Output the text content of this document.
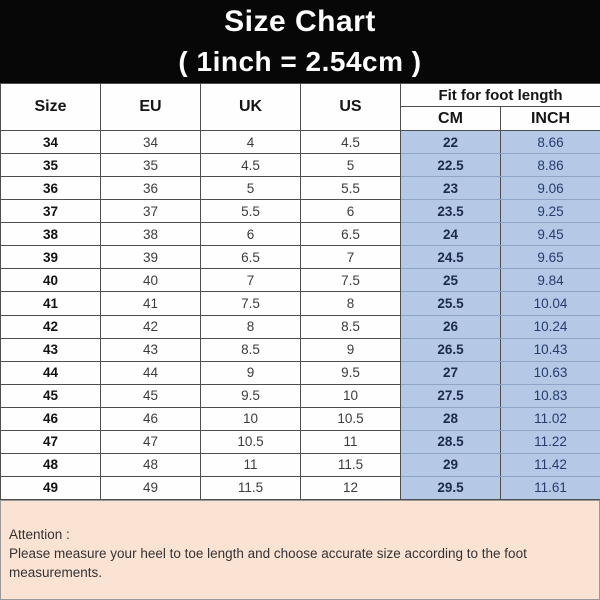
Size Chart
( 1inch = 2.54cm )
Size	EU	UK	US	Fit for foot length	
				CM	INCH
34	34	4	4.5	22	8.66
35	35	4.5	5	22.5	8.86
36	36	5	5.5	23	9.06
37	37	5.5	6	23.5	9.25
38	38	6	6.5	24	9.45
39	39	6.5	7	24.5	9.65
40	40	7	7.5	25	9.84
41	41	7.5	8	25.5	10.04
42	42	8	8.5	26	10.24
43	43	8.5	9	26.5	10.43
44	44	9	9.5	27	10.63
45	45	9.5	10	27.5	10.83
46	46	10	10.5	28	11.02
47	47	10.5	11	28.5	11.22
48	48	11	11.5	29	11.42
49	49	11.5	12	29.5	11.61
Attention :
Please measure your heel to toe length and choose accurate size according to the foot measurements.
